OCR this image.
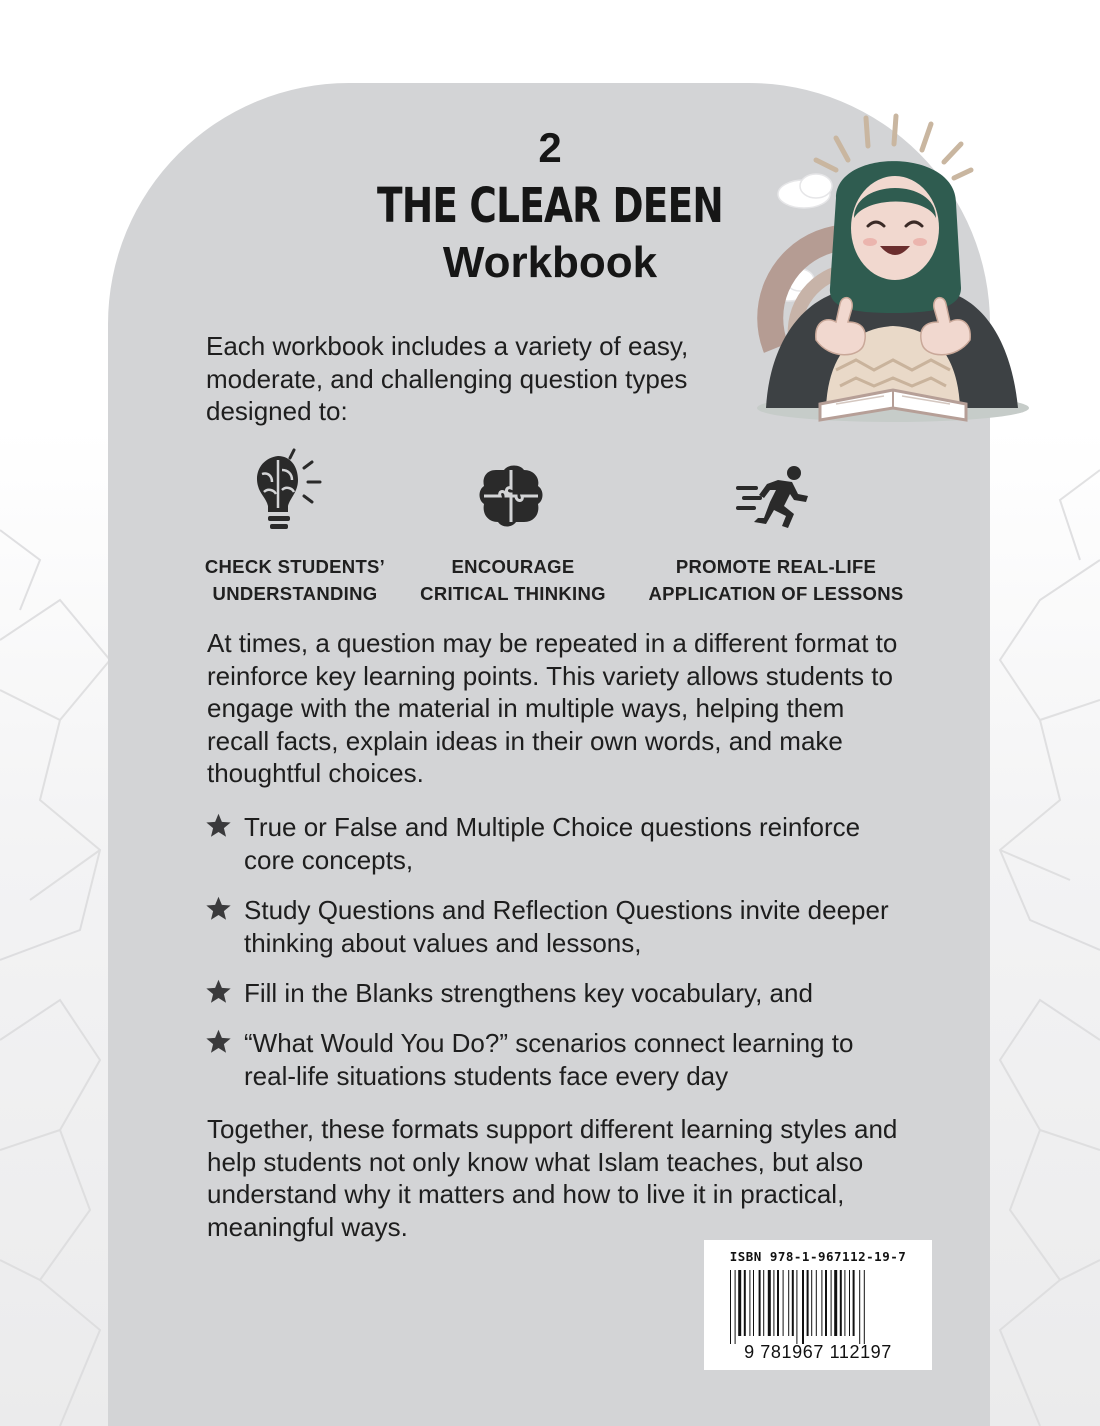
2

THE CLEAR DEEN

Workbook

Each workbook includes a variety of easy, moderate, and challenging question types designed to:

CHECK STUDENTS’
UNDERSTANDING
ENCOURAGE
CRITICAL THINKING
PROMOTE REAL-LIFE
APPLICATION OF LESSONS

At times, a question may be repeated in a different format to reinforce key learning points. This variety allows students to engage with the material in multiple ways, helping them recall facts, explain ideas in their own words, and make thoughtful choices.

True or False and Multiple Choice questions reinforce core concepts,
Study Questions and Reflection Questions invite deeper thinking about values and lessons,
Fill in the Blanks strengthens key vocabulary, and
“What Would You Do?” scenarios connect learning to real-life situations students face every day

Together, these formats support different learning styles and help students not only know what Islam teaches, but also understand why it matters and how to live it in practical, meaningful ways.

ISBN 978-1-967112-19-7
9 781967 112197
